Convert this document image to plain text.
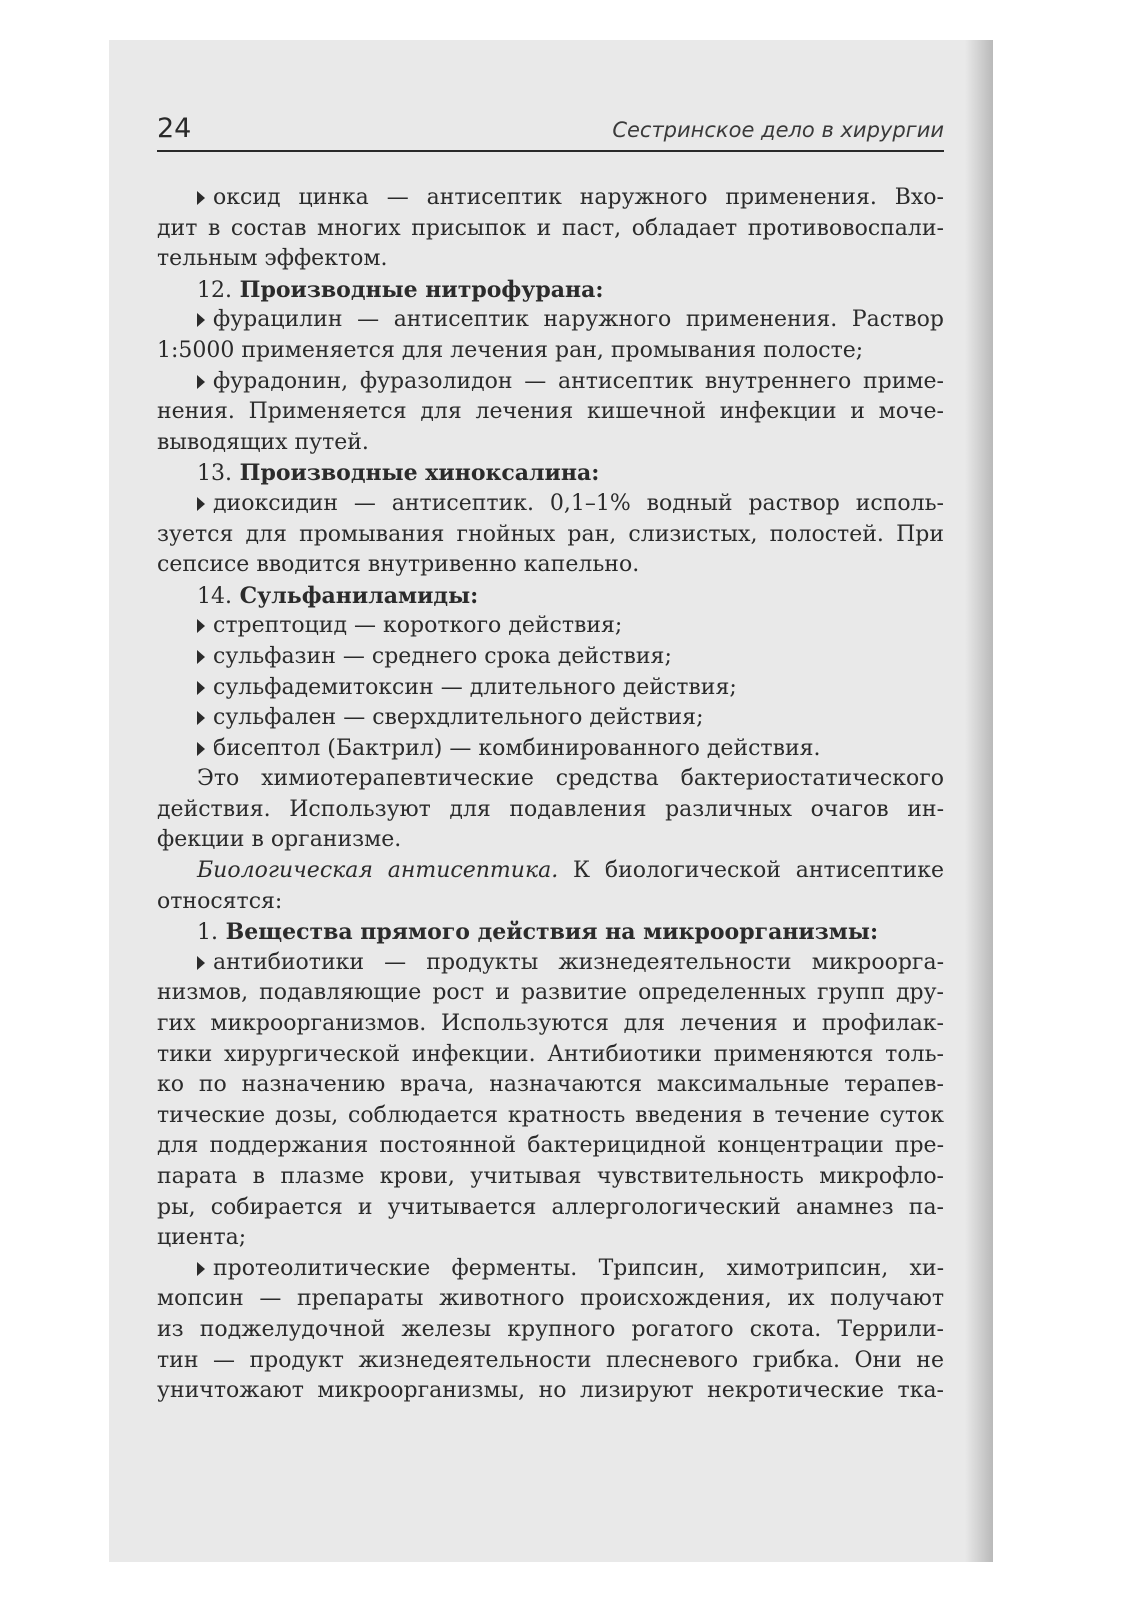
24	Сестринское дело в хирургии
оксид цинка — антисептик наружного применения. Вхо-
дит в состав многих присыпок и паст, обладает противовоспали-
тельным эффектом.
12. Производные нитрофурана:
фурацилин — антисептик наружного применения. Раствор
1:5000 применяется для лечения ран, промывания полосте;
фурадонин, фуразолидон — антисептик внутреннего приме-
нения. Применяется для лечения кишечной инфекции и моче-
выводящих путей.
13. Производные хиноксалина:
диоксидин — антисептик. 0,1–1% водный раствор исполь-
зуется для промывания гнойных ран, слизистых, полостей. При
сепсисе вводится внутривенно капельно.
14. Сульфаниламиды:
стрептоцид — короткого действия;
сульфазин — среднего срока действия;
сульфадемитоксин — длительного действия;
сульфален — сверхдлительного действия;
бисептол (Бактрил) — комбинированного действия.
Это химиотерапевтические средства бактериостатического
действия. Используют для подавления различных очагов ин-
фекции в организме.
Биологическая антисептика. К биологической антисептике
относятся:
1. Вещества прямого действия на микроорганизмы:
антибиотики — продукты жизнедеятельности микроорга-
низмов, подавляющие рост и развитие определенных групп дру-
гих микроорганизмов. Используются для лечения и профилак-
тики хирургической инфекции. Антибиотики применяются толь-
ко по назначению врача, назначаются максимальные терапев-
тические дозы, соблюдается кратность введения в течение суток
для поддержания постоянной бактерицидной концентрации пре-
парата в плазме крови, учитывая чувствительность микрофло-
ры, собирается и учитывается аллергологический анамнез па-
циента;
протеолитические ферменты. Трипсин, химотрипсин, хи-
мопсин — препараты животного происхождения, их получают
из поджелудочной железы крупного рогатого скота. Террили-
тин — продукт жизнедеятельности плесневого грибка. Они не
уничтожают микроорганизмы, но лизируют некротические тка-
